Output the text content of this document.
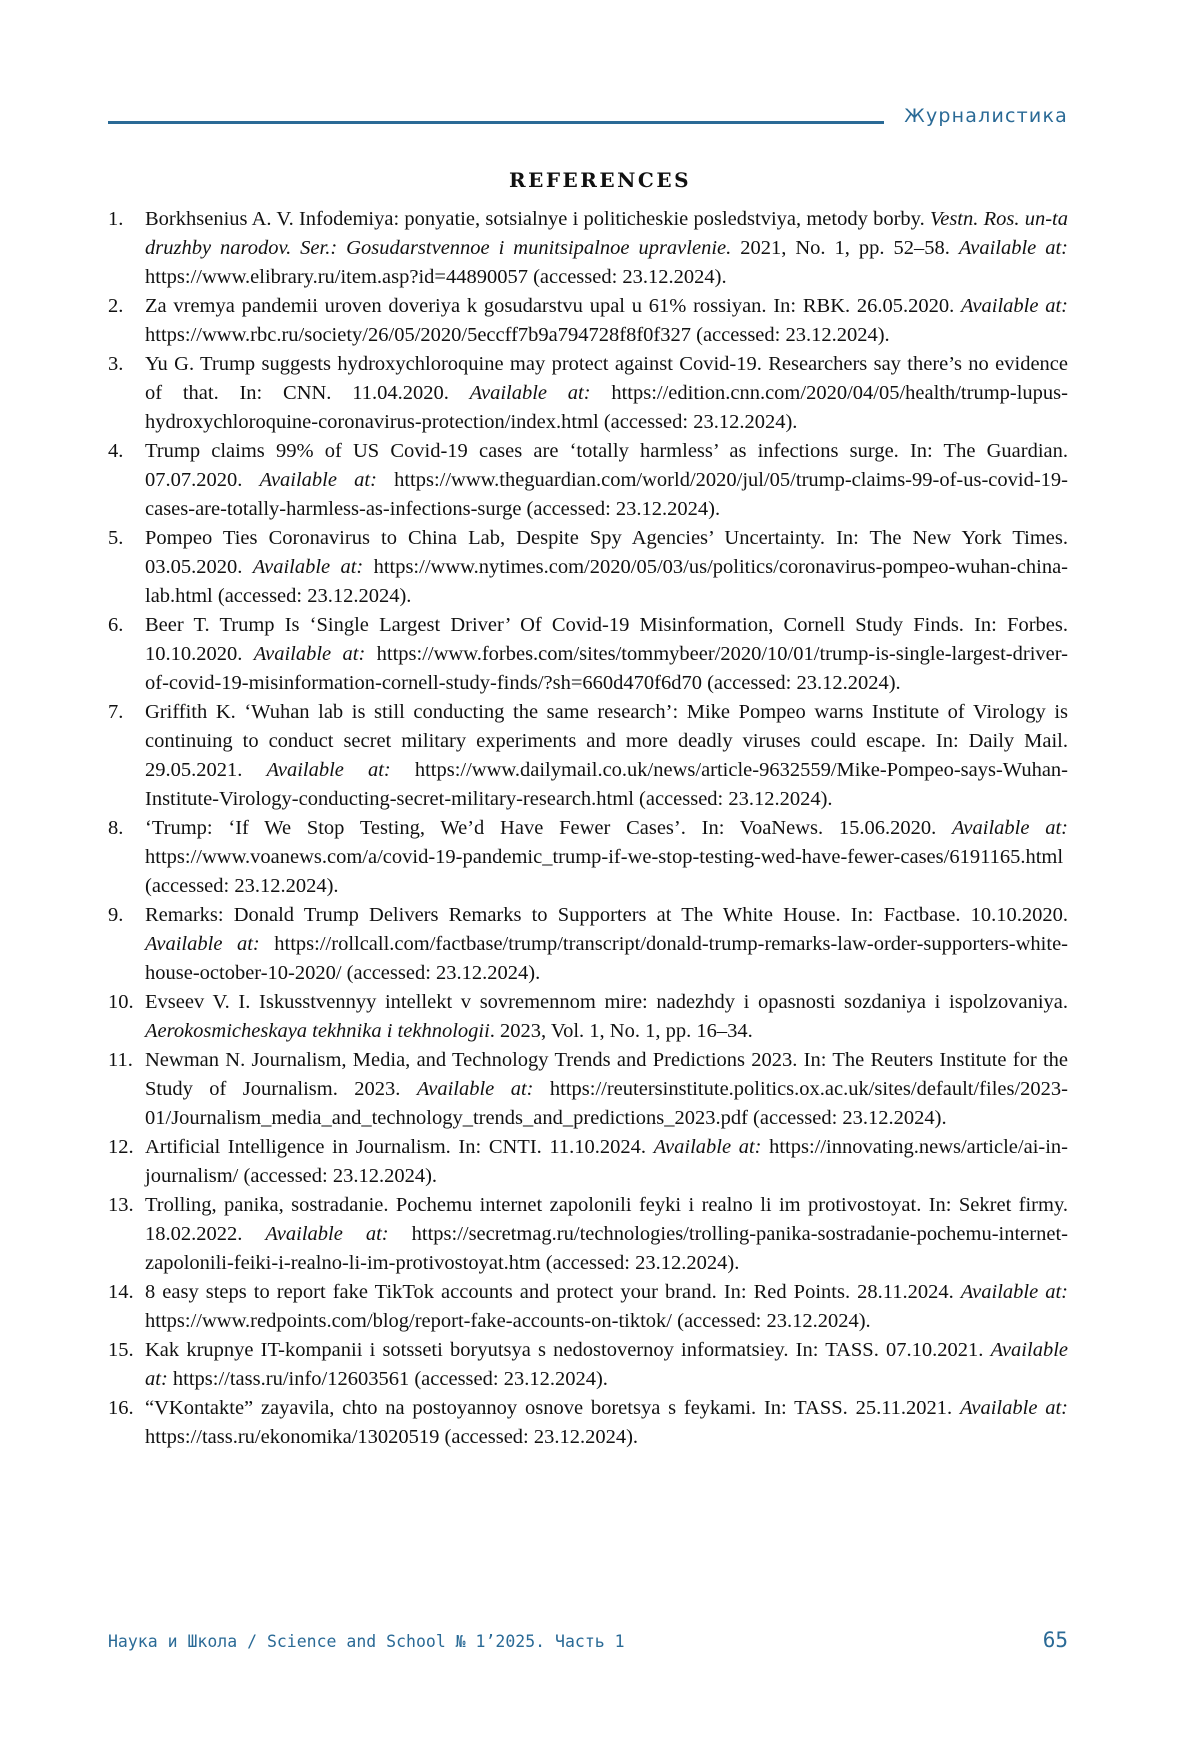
Журналистика
REFERENCES
1.	Borkhsenius A. V. Infodemiya: ponyatie, sotsialnye i politicheskie posledstviya, metody borby. Vestn. Ros. un-ta druzhby narodov. Ser.: Gosudarstvennoe i munitsipalnoe upravlenie. 2021, No. 1, pp. 52–58. Available at: https://www.elibrary.ru/item.asp?id=44890057 (accessed: 23.12.2024).
2.	Za vremya pandemii uroven doveriya k gosudarstvu upal u 61% rossiyan. In: RBK. 26.05.2020. Available at: https://www.rbc.ru/society/26/05/2020/5eccff7b9a794728f8f0f327 (accessed: 23.12.2024).
3.	Yu G. Trump suggests hydroxychloroquine may protect against Covid-19. Researchers say there’s no evidence of that. In: CNN. 11.04.2020. Available at: https://edition.cnn.com/2020/04/05/health/trump-lupus-hydroxychloroquine-coronavirus-protection/index.html (accessed: 23.12.2024).
4.	Trump claims 99% of US Covid-19 cases are ‘totally harmless’ as infections surge. In: The Guardian. 07.07.2020. Available at: https://www.theguardian.com/world/2020/jul/05/trump-claims-99-of-us-covid-19-cases-are-totally-harmless-as-infections-surge (accessed: 23.12.2024).
5.	Pompeo Ties Coronavirus to China Lab, Despite Spy Agencies’ Uncertainty. In: The New York Times. 03.05.2020. Available at: https://www.nytimes.com/2020/05/03/us/politics/coronavirus-pompeo-wuhan-china-lab.html (accessed: 23.12.2024).
6.	Beer T. Trump Is ‘Single Largest Driver’ Of Covid-19 Misinformation, Cornell Study Finds. In: Forbes. 10.10.2020. Available at: https://www.forbes.com/sites/tommybeer/2020/10/01/trump-is-single-largest-driver-of-covid-19-misinformation-cornell-study-finds/?sh=660d470f6d70 (accessed: 23.12.2024).
7.	Griffith K. ‘Wuhan lab is still conducting the same research’: Mike Pompeo warns Institute of Virology is continuing to conduct secret military experiments and more deadly viruses could escape. In: Daily Mail. 29.05.2021. Available at: https://www.dailymail.co.uk/news/article-9632559/Mike-Pompeo-says-Wuhan-Institute-Virology-conducting-secret-military-research.html (accessed: 23.12.2024).
8.	‘Trump: ‘If We Stop Testing, We’d Have Fewer Cases’. In: VoaNews. 15.06.2020. Available at: https://www.voanews.com/a/covid-19-pandemic_trump-if-we-stop-testing-wed-have-fewer-cases/6191165.html (accessed: 23.12.2024).
9.	Remarks: Donald Trump Delivers Remarks to Supporters at The White House. In: Factbase. 10.10.2020. Available at: https://rollcall.com/factbase/trump/transcript/donald-trump-remarks-law-order-supporters-white-house-october-10-2020/ (accessed: 23.12.2024).
10. Evseev V. I. Iskusstvennyy intellekt v sovremennom mire: nadezhdy i opasnosti sozdaniya i ispolzovaniya. Aerokosmicheskaya tekhnika i tekhnologii. 2023, Vol. 1, No. 1, pp. 16–34.
11. Newman N. Journalism, Media, and Technology Trends and Predictions 2023. In: The Reuters Institute for the Study of Journalism. 2023. Available at: https://reutersinstitute.politics.ox.ac.uk/sites/default/files/2023-01/Journalism_media_and_technology_trends_and_predictions_2023.pdf (accessed: 23.12.2024).
12. Artificial Intelligence in Journalism. In: CNTI. 11.10.2024. Available at: https://innovating.news/article/ai-in-journalism/ (accessed: 23.12.2024).
13. Trolling, panika, sostradanie. Pochemu internet zapolonili feyki i realno li im protivostoyat. In: Sekret firmy. 18.02.2022. Available at: https://secretmag.ru/technologies/trolling-panika-sostradanie-pochemu-internet-zapolonili-feiki-i-realno-li-im-protivostoyat.htm (accessed: 23.12.2024).
14. 8 easy steps to report fake TikTok accounts and protect your brand. In: Red Points. 28.11.2024. Available at: https://www.redpoints.com/blog/report-fake-accounts-on-tiktok/ (accessed: 23.12.2024).
15. Kak krupnye IT-kompanii i sotsseti boryutsya s nedostovernoy informatsiey. In: TASS. 07.10.2021. Available at: https://tass.ru/info/12603561 (accessed: 23.12.2024).
16. “VKontakte” zayavila, chto na postoyannoy osnove boretsya s feykami. In: TASS. 25.11.2021. Available at: https://tass.ru/ekonomika/13020519 (accessed: 23.12.2024).
Наука и Школа / Science and School № 1’2025. Часть 1	65
